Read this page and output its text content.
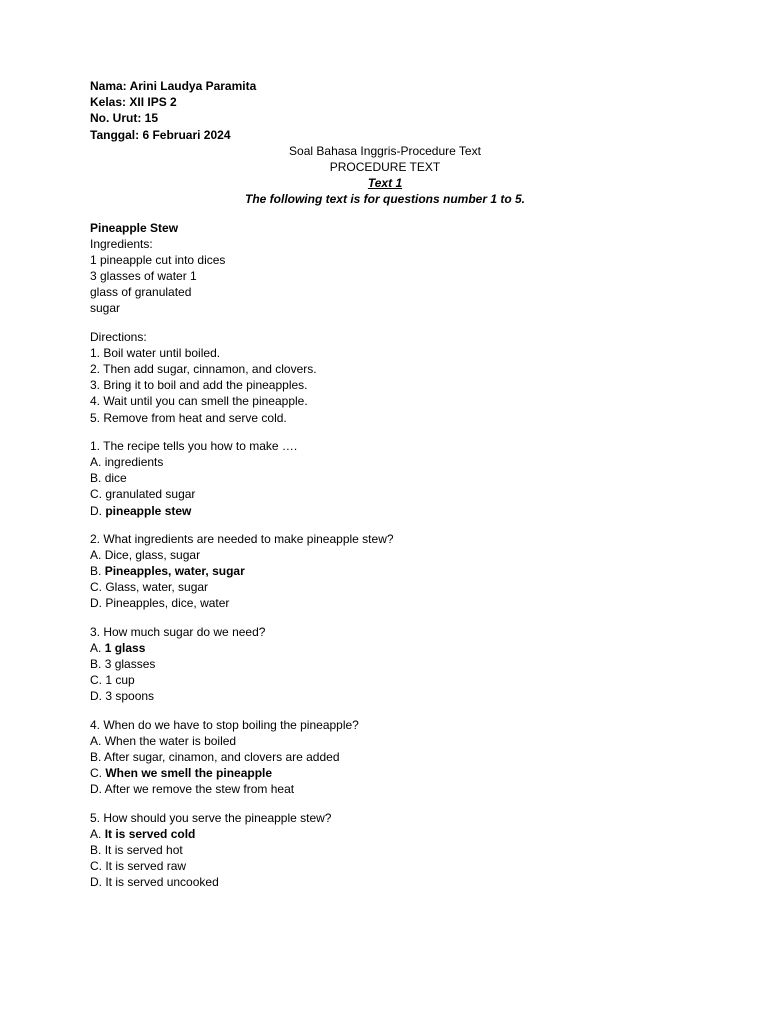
Nama: Arini Laudya Paramita
Kelas: XII IPS 2
No. Urut: 15
Tanggal: 6 Februari 2024
Soal Bahasa Inggris-Procedure Text
PROCEDURE TEXT
Text 1
The following text is for questions number 1 to 5.
Pineapple Stew
Ingredients:
1 pineapple cut into dices
3 glasses of water 1
glass of granulated
sugar
Directions:
1. Boil water until boiled.
2. Then add sugar, cinnamon, and clovers.
3. Bring it to boil and add the pineapples.
4. Wait until you can smell the pineapple.
5. Remove from heat and serve cold.
1. The recipe tells you how to make ….
A. ingredients
B. dice
C. granulated sugar
D. pineapple stew
2. What ingredients are needed to make pineapple stew?
A. Dice, glass, sugar
B. Pineapples, water, sugar
C. Glass, water, sugar
D. Pineapples, dice, water
3. How much sugar do we need?
A. 1 glass
B. 3 glasses
C. 1 cup
D. 3 spoons
4. When do we have to stop boiling the pineapple?
A. When the water is boiled
B. After sugar, cinamon, and clovers are added
C. When we smell the pineapple
D. After we remove the stew from heat
5. How should you serve the pineapple stew?
A. It is served cold
B. It is served hot
C. It is served raw
D. It is served uncooked
